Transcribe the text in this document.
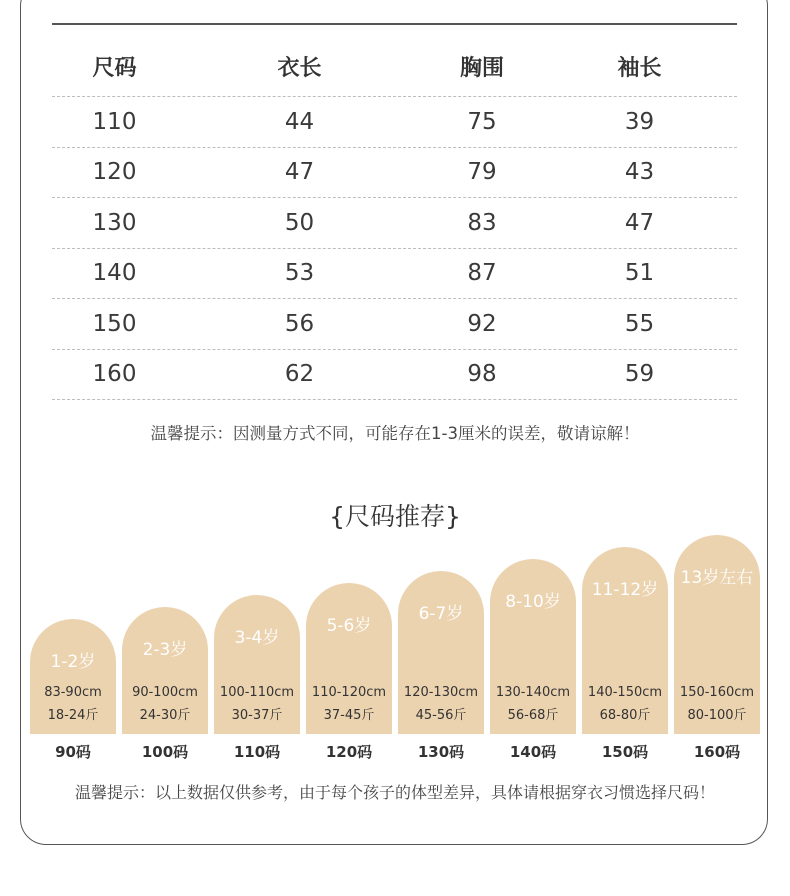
尺码	衣长	胸围	袖长
110	44	75	39
120	47	79	43
130	50	83	47
140	53	87	51
150	56	92	55
160	62	98	59
温馨提示：因测量方式不同，可能存在1-3厘米的误差，敬请谅解！
{尺码推荐}
1-2岁
83-90cm
18-24斤
2-3岁
90-100cm
24-30斤
3-4岁
100-110cm
30-37斤
5-6岁
110-120cm
37-45斤
6-7岁
120-130cm
45-56斤
8-10岁
130-140cm
56-68斤
11-12岁
140-150cm
68-80斤
13岁左右
150-160cm
80-100斤
90码	100码	110码	120码	130码	140码	150码	160码
温馨提示：以上数据仅供参考，由于每个孩子的体型差异，具体请根据穿衣习惯选择尺码！
